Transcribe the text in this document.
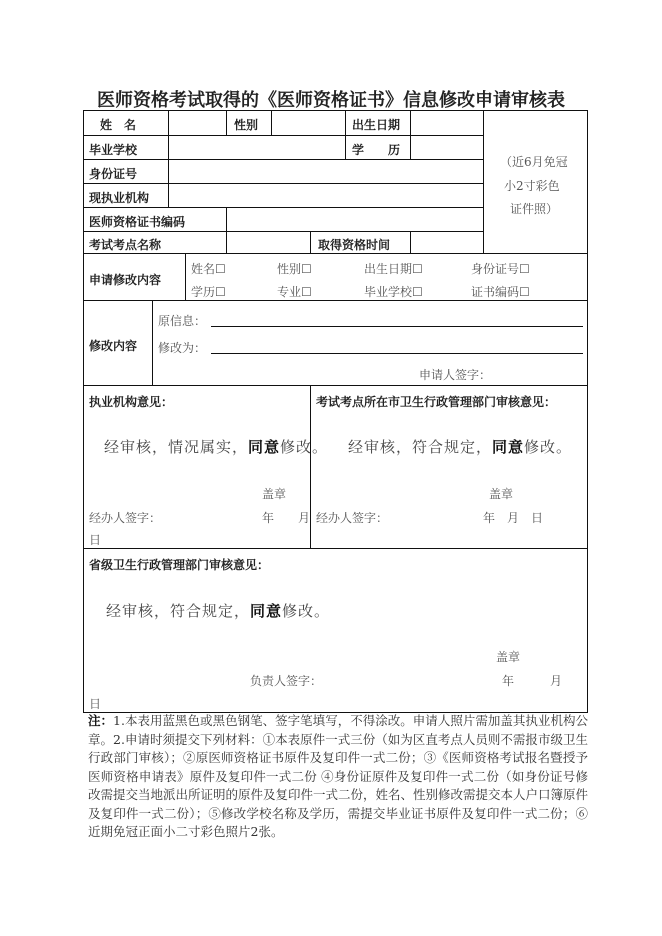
医师资格考试取得的《医师资格证书》信息修改申请审核表
姓　名	性别	出生日期
（近6月免冠
小2寸彩色
证件照）
毕业学校	学　　历
身份证号
现执业机构
医师资格证书编码
考试考点名称	取得资格时间
申请修改内容
姓名☐	性别☐	出生日期☐	身份证号☐
学历☐	专业☐	毕业学校☐	证书编码☐
修改内容
原信息：
修改为：
申请人签字：
执业机构意见：
经审核，情况属实，同意修改。
盖章
经办人签字：	年　　月
日
考试考点所在市卫生行政管理部门审核意见：
经审核，符合规定，同意修改。
盖章
经办人签字：	年　月　日
省级卫生行政管理部门审核意见：
经审核，符合规定，同意修改。
盖章
负责人签字：	年　　　月
日
注：1.本表用蓝黑色或黑色钢笔、签字笔填写，不得涂改。申请人照片需加盖其执业机构公章。2.申请时须提交下列材料：①本表原件一式三份（如为区直考点人员则不需报市级卫生行政部门审核）；②原医师资格证书原件及复印件一式二份；③《医师资格考试报名暨授予医师资格申请表》原件及复印件一式二份 ④身份证原件及复印件一式二份（如身份证号修改需提交当地派出所证明的原件及复印件一式二份，姓名、性别修改需提交本人户口簿原件及复印件一式二份）；⑤修改学校名称及学历，需提交毕业证书原件及复印件一式二份；⑥近期免冠正面小二寸彩色照片2张。
